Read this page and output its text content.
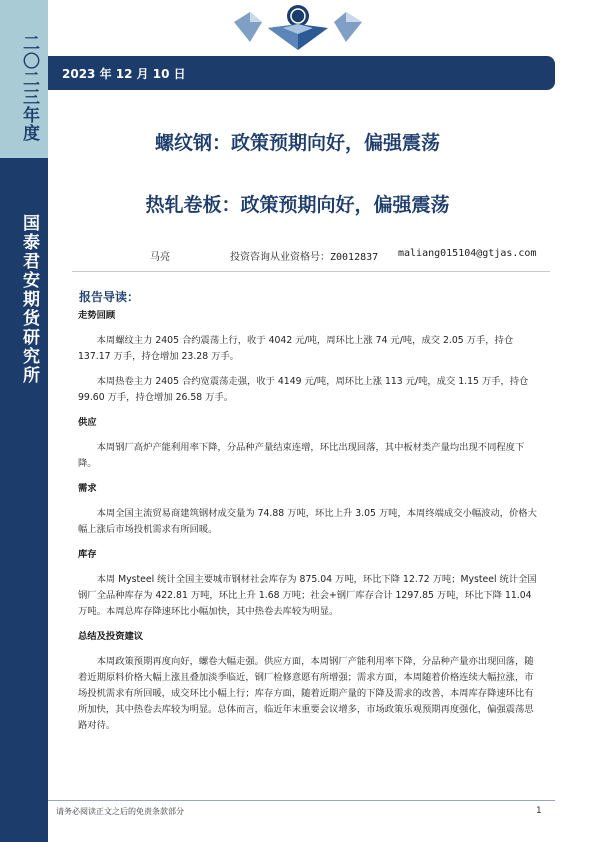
二〇二三年度
国泰君安期货研究所
2023 年 12 月 10 日
螺纹钢：政策预期向好，偏强震荡
热轧卷板：政策预期向好，偏强震荡
马亮	投资咨询从业资格号：Z0012837 maliang015104@gtjas.com
报告导读：
走势回顾

本周螺纹主力 2405 合约震荡上行，收于 4042 元/吨，周环比上涨 74 元/吨，成交 2.05 万手，持仓 137.17 万手，持仓增加 23.28 万手。

本周热卷主力 2405 合约宽震荡走强，收于 4149 元/吨，周环比上涨 113 元/吨，成交 1.15 万手，持仓 99.60 万手，持仓增加 26.58 万手。

供应

本周钢厂高炉产能利用率下降，分品种产量结束连增，环比出现回落，其中板材类产量均出现不同程度下降。

需求

本周全国主流贸易商建筑钢材成交量为 74.88 万吨，环比上升 3.05 万吨，本周终端成交小幅波动，价格大幅上涨后市场投机需求有所回暖。

库存

本周 Mysteel 统计全国主要城市钢材社会库存为 875.04 万吨，环比下降 12.72 万吨；Mysteel 统计全国钢厂全品种库存为 422.81 万吨，环比上升 1.68 万吨；社会+钢厂库存合计 1297.85 万吨，环比下降 11.04 万吨。本周总库存降速环比小幅加快，其中热卷去库较为明显。

总结及投资建议

本周政策预期再度向好，螺卷大幅走强。供应方面，本周钢厂产能利用率下降，分品种产量亦出现回落，随着近期原料价格大幅上涨且叠加淡季临近，钢厂检修意愿有所增强；需求方面，本周随着价格连续大幅拉涨，市场投机需求有所回暖，成交环比小幅上行；库存方面，随着近期产量的下降及需求的改善，本周库存降速环比有所加快，其中热卷去库较为明显。总体而言，临近年末重要会议增多，市场政策乐观预期再度强化，偏强震荡思路对待。

请务必阅读正文之后的免责条款部分	1
